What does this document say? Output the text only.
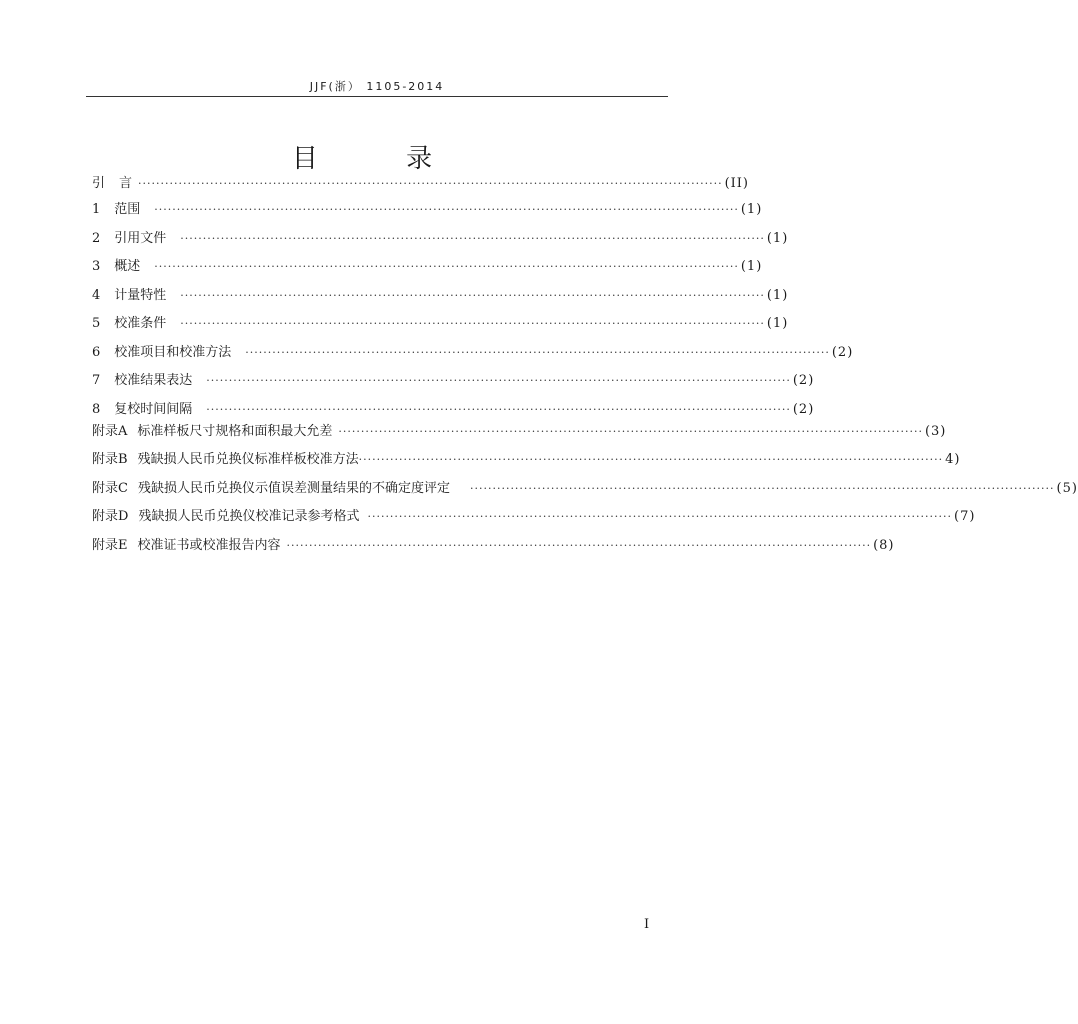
JJF(浙） 1105-2014
目 录
引 言 ·································································································································· (II)
1 范围 ·································································································································· (1)
2 引用文件 ·································································································································· (1)
3 概述 ·································································································································· (1)
4 计量特性 ·································································································································· (1)
5 校准条件 ·································································································································· (1)
6 校准项目和校准方法 ·································································································································· (2)
7 校准结果表达 ·································································································································· (2)
8 复校时间间隔 ·································································································································· (2)
附录A 标准样板尺寸规格和面积最大允差 ·································································································································· (3)
附录B 残缺损人民币兑换仪标准样板校准方法 ·································································································································· 4)
附录C 残缺损人民币兑换仪示值误差测量结果的不确定度评定 ·································································································································· (5)
附录D 残缺损人民币兑换仪校准记录参考格式 ·································································································································· (7)
附录E 校准证书或校准报告内容 ·································································································································· (8)
I
